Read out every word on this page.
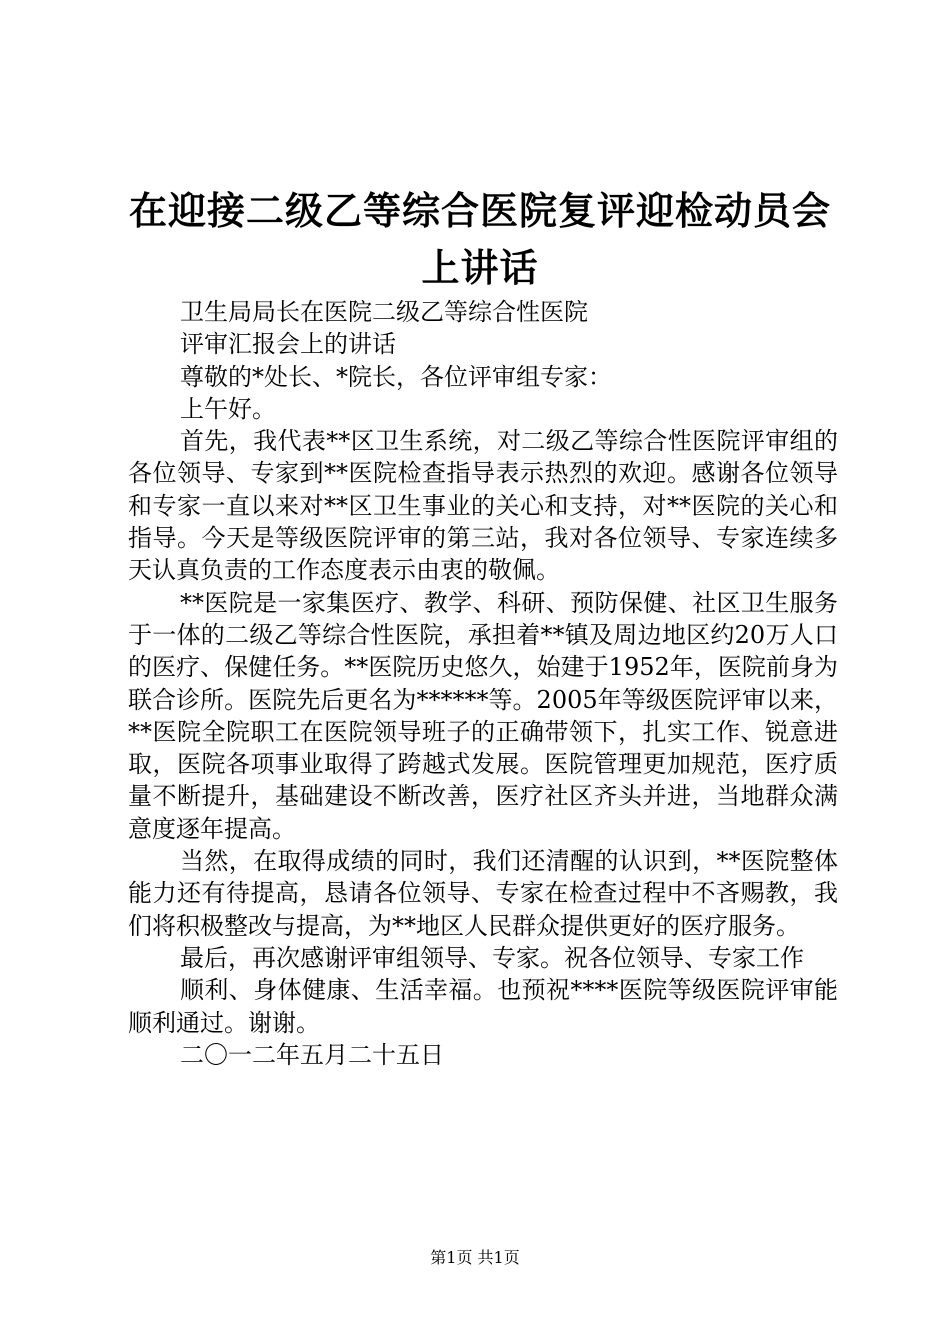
在迎接二级乙等综合医院复评迎检动员会上讲话

卫生局局长在医院二级乙等综合性医院

评审汇报会上的讲话

尊敬的*处长、*院长，各位评审组专家：

上午好。

首先，我代表**区卫生系统，对二级乙等综合性医院评审组的各位领导、专家到**医院检查指导表示热烈的欢迎。感谢各位领导和专家一直以来对**区卫生事业的关心和支持，对**医院的关心和指导。今天是等级医院评审的第三站，我对各位领导、专家连续多天认真负责的工作态度表示由衷的敬佩。

**医院是一家集医疗、教学、科研、预防保健、社区卫生服务于一体的二级乙等综合性医院，承担着**镇及周边地区约20万人口的医疗、保健任务。**医院历史悠久，始建于1952年，医院前身为联合诊所。医院先后更名为******等。2005年等级医院评审以来，**医院全院职工在医院领导班子的正确带领下，扎实工作、锐意进取，医院各项事业取得了跨越式发展。医院管理更加规范，医疗质量不断提升，基础建设不断改善，医疗社区齐头并进，当地群众满意度逐年提高。

当然，在取得成绩的同时，我们还清醒的认识到，**医院整体能力还有待提高，恳请各位领导、专家在检查过程中不吝赐教，我们将积极整改与提高，为**地区人民群众提供更好的医疗服务。

最后，再次感谢评审组领导、专家。祝各位领导、专家工作

顺利、身体健康、生活幸福。也预祝****医院等级医院评审能顺利通过。谢谢。

二〇一二年五月二十五日

第1页 共1页
